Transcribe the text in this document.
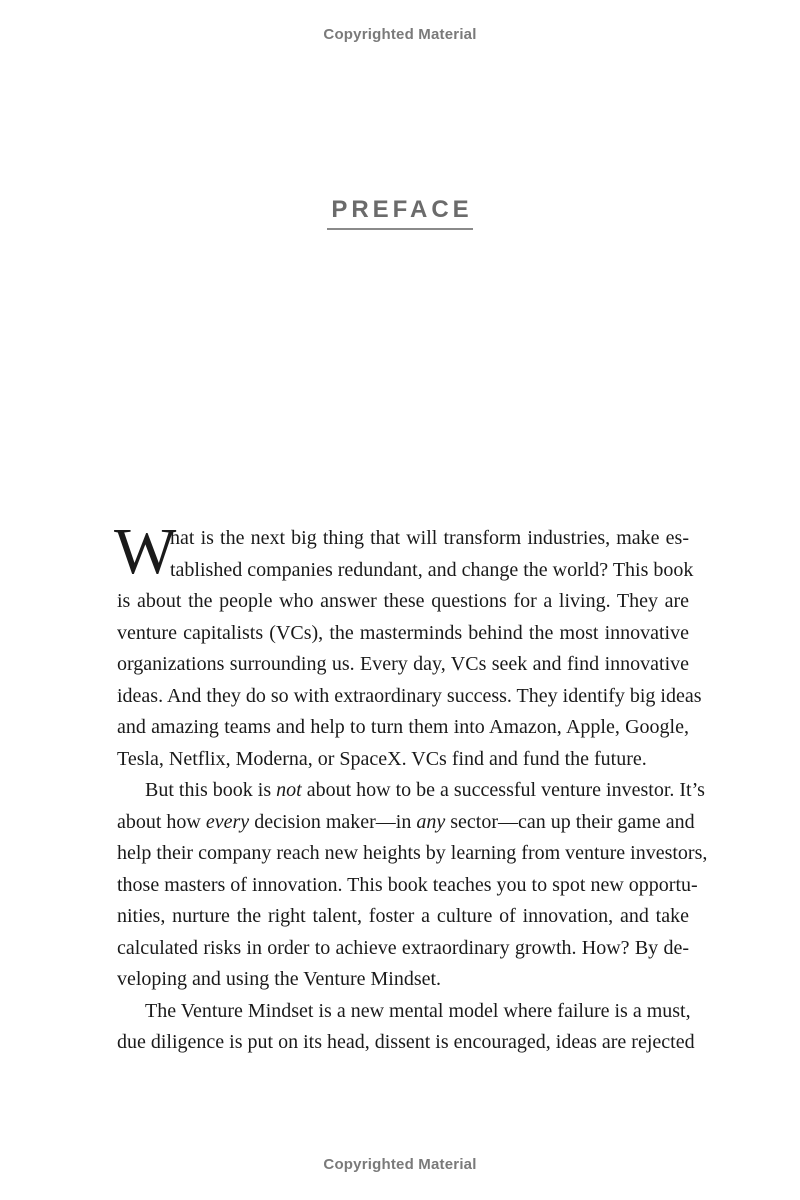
Copyrighted Material
PREFACE
W
hat is the next big thing that will transform industries, make es-
tablished companies redundant, and change the world? This book
is about the people who answer these questions for a living. They are
venture capitalists (VCs), the masterminds behind the most innovative
organizations surrounding us. Every day, VCs seek and find innovative
ideas. And they do so with extraordinary success. They identify big ideas
and amazing teams and help to turn them into Amazon, Apple, Google,
Tesla, Netflix, Moderna, or SpaceX. VCs find and fund the future.
But this book is not about how to be a successful venture investor. It’s
about how every decision maker—in any sector—can up their game and
help their company reach new heights by learning from venture investors,
those masters of innovation. This book teaches you to spot new opportu-
nities, nurture the right talent, foster a culture of innovation, and take
calculated risks in order to achieve extraordinary growth. How? By de-
veloping and using the Venture Mindset.
The Venture Mindset is a new mental model where failure is a must,
due diligence is put on its head, dissent is encouraged, ideas are rejected
Copyrighted Material
